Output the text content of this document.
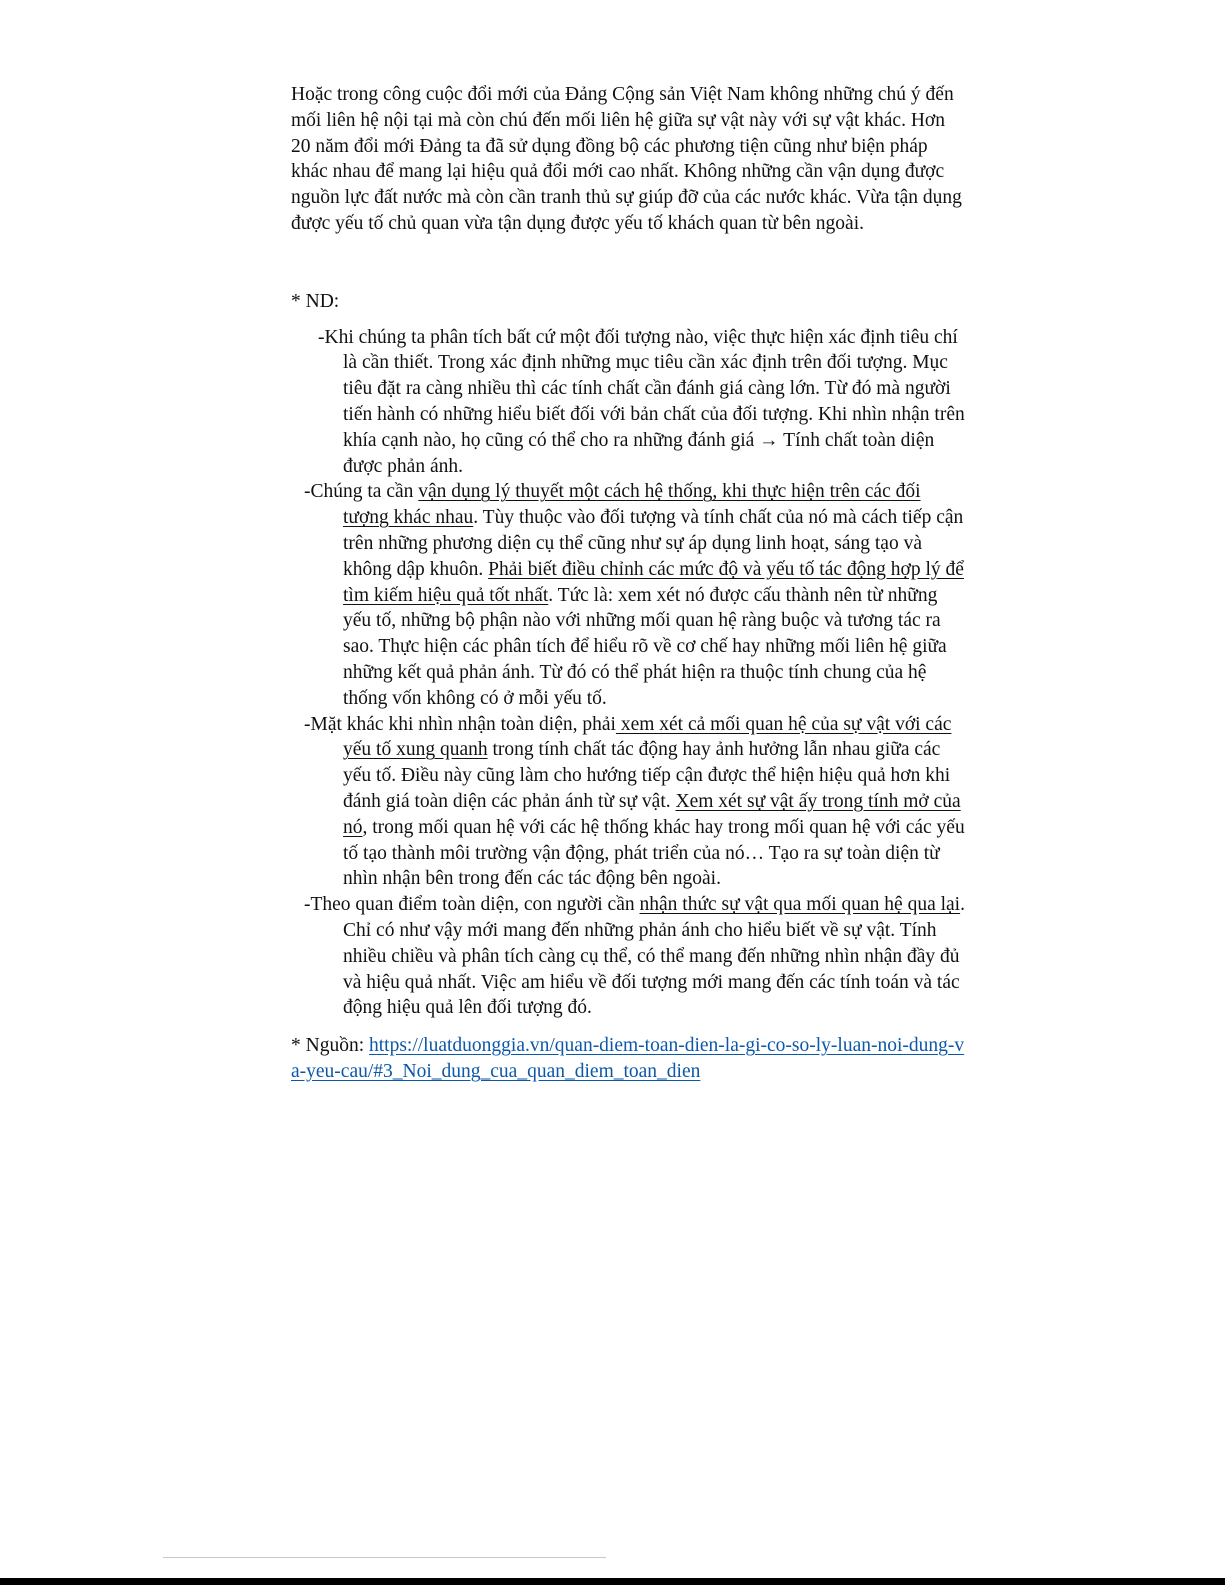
Hoặc trong công cuộc đổi mới của Đảng Cộng sản Việt Nam không những chú ý đến mối liên hệ nội tại mà còn chú đến mối liên hệ giữa sự vật này với sự vật khác. Hơn 20 năm đổi mới Đảng ta đã sử dụng đồng bộ các phương tiện cũng như biện pháp khác nhau để mang lại hiệu quả đổi mới cao nhất. Không những cần vận dụng được nguồn lực đất nước mà còn cần tranh thủ sự giúp đỡ của các nước khác. Vừa tận dụng được yếu tố chủ quan vừa tận dụng được yếu tố khách quan từ bên ngoài.

* ND:

-Khi chúng ta phân tích bất cứ một đối tượng nào, việc thực hiện xác định tiêu chí là cần thiết. Trong xác định những mục tiêu cần xác định trên đối tượng. Mục tiêu đặt ra càng nhiều thì các tính chất cần đánh giá càng lớn. Từ đó mà người tiến hành có những hiểu biết đối với bản chất của đối tượng. Khi nhìn nhận trên khía cạnh nào, họ cũng có thể cho ra những đánh giá → Tính chất toàn diện được phản ánh.

-Chúng ta cần vận dụng lý thuyết một cách hệ thống, khi thực hiện trên các đối tượng khác nhau. Tùy thuộc vào đối tượng và tính chất của nó mà cách tiếp cận trên những phương diện cụ thể cũng như sự áp dụng linh hoạt, sáng tạo và không dập khuôn. Phải biết điều chỉnh các mức độ và yếu tố tác động hợp lý để tìm kiếm hiệu quả tốt nhất. Tức là: xem xét nó được cấu thành nên từ những yếu tố, những bộ phận nào với những mối quan hệ ràng buộc và tương tác ra sao. Thực hiện các phân tích để hiểu rõ về cơ chế hay những mối liên hệ giữa những kết quả phản ánh. Từ đó có thể phát hiện ra thuộc tính chung của hệ thống vốn không có ở mỗi yếu tố.

-Mặt khác khi nhìn nhận toàn diện, phải xem xét cả mối quan hệ của sự vật với các yếu tố xung quanh trong tính chất tác động hay ảnh hưởng lẫn nhau giữa các yếu tố. Điều này cũng làm cho hướng tiếp cận được thể hiện hiệu quả hơn khi đánh giá toàn diện các phản ánh từ sự vật. Xem xét sự vật ấy trong tính mở của nó, trong mối quan hệ với các hệ thống khác hay trong mối quan hệ với các yếu tố tạo thành môi trường vận động, phát triển của nó… Tạo ra sự toàn diện từ nhìn nhận bên trong đến các tác động bên ngoài.

-Theo quan điểm toàn diện, con người cần nhận thức sự vật qua mối quan hệ qua lại. Chỉ có như vậy mới mang đến những phản ánh cho hiểu biết về sự vật. Tính nhiều chiều và phân tích càng cụ thể, có thể mang đến những nhìn nhận đầy đủ và hiệu quả nhất. Việc am hiểu về đối tượng mới mang đến các tính toán và tác động hiệu quả lên đối tượng đó.

* Nguồn: https://luatduonggia.vn/quan-diem-toan-dien-la-gi-co-so-ly-luan-noi-dung-va-yeu-cau/#3_Noi_dung_cua_quan_diem_toan_dien
